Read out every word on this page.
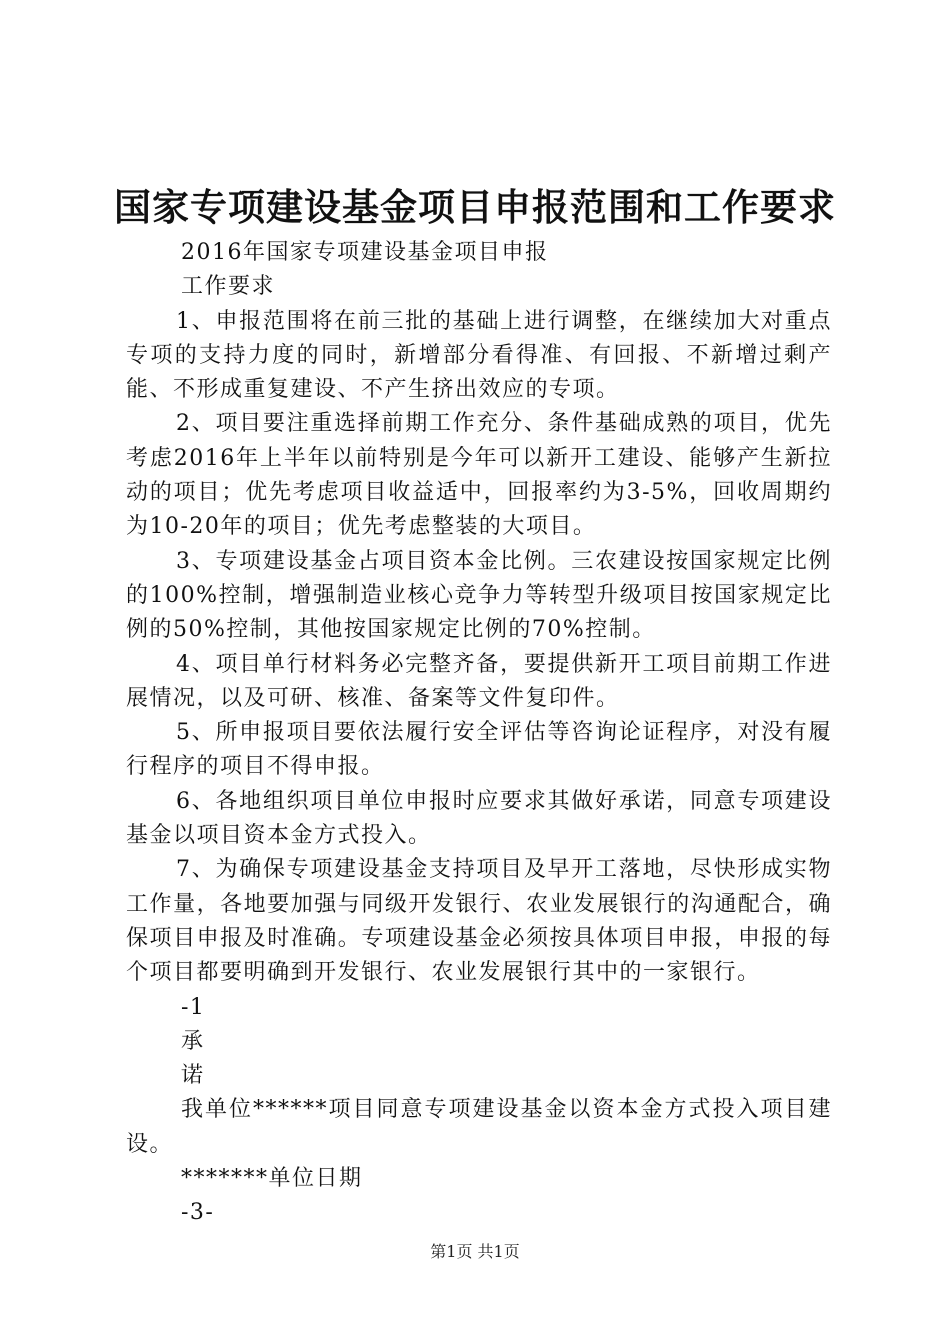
国家专项建设基金项目申报范围和工作要求

2016年国家专项建设基金项目申报

工作要求

1、申报范围将在前三批的基础上进行调整，在继续加大对重点专项的支持力度的同时，新增部分看得准、有回报、不新增过剩产能、不形成重复建设、不产生挤出效应的专项。

2、项目要注重选择前期工作充分、条件基础成熟的项目，优先考虑2016年上半年以前特别是今年可以新开工建设、能够产生新拉动的项目；优先考虑项目收益适中，回报率约为3-5%，回收周期约为10-20年的项目；优先考虑整装的大项目。

3、专项建设基金占项目资本金比例。三农建设按国家规定比例的100%控制，增强制造业核心竞争力等转型升级项目按国家规定比例的50%控制，其他按国家规定比例的70%控制。

4、项目单行材料务必完整齐备，要提供新开工项目前期工作进展情况，以及可研、核准、备案等文件复印件。

5、所申报项目要依法履行安全评估等咨询论证程序，对没有履行程序的项目不得申报。

6、各地组织项目单位申报时应要求其做好承诺，同意专项建设基金以项目资本金方式投入。

7、为确保专项建设基金支持项目及早开工落地，尽快形成实物工作量，各地要加强与同级开发银行、农业发展银行的沟通配合，确保项目申报及时准确。专项建设基金必须按具体项目申报，申报的每个项目都要明确到开发银行、农业发展银行其中的一家银行。

-1

承

诺

我单位******项目同意专项建设基金以资本金方式投入项目建设。

*******单位日期

-3-

第1页 共1页
